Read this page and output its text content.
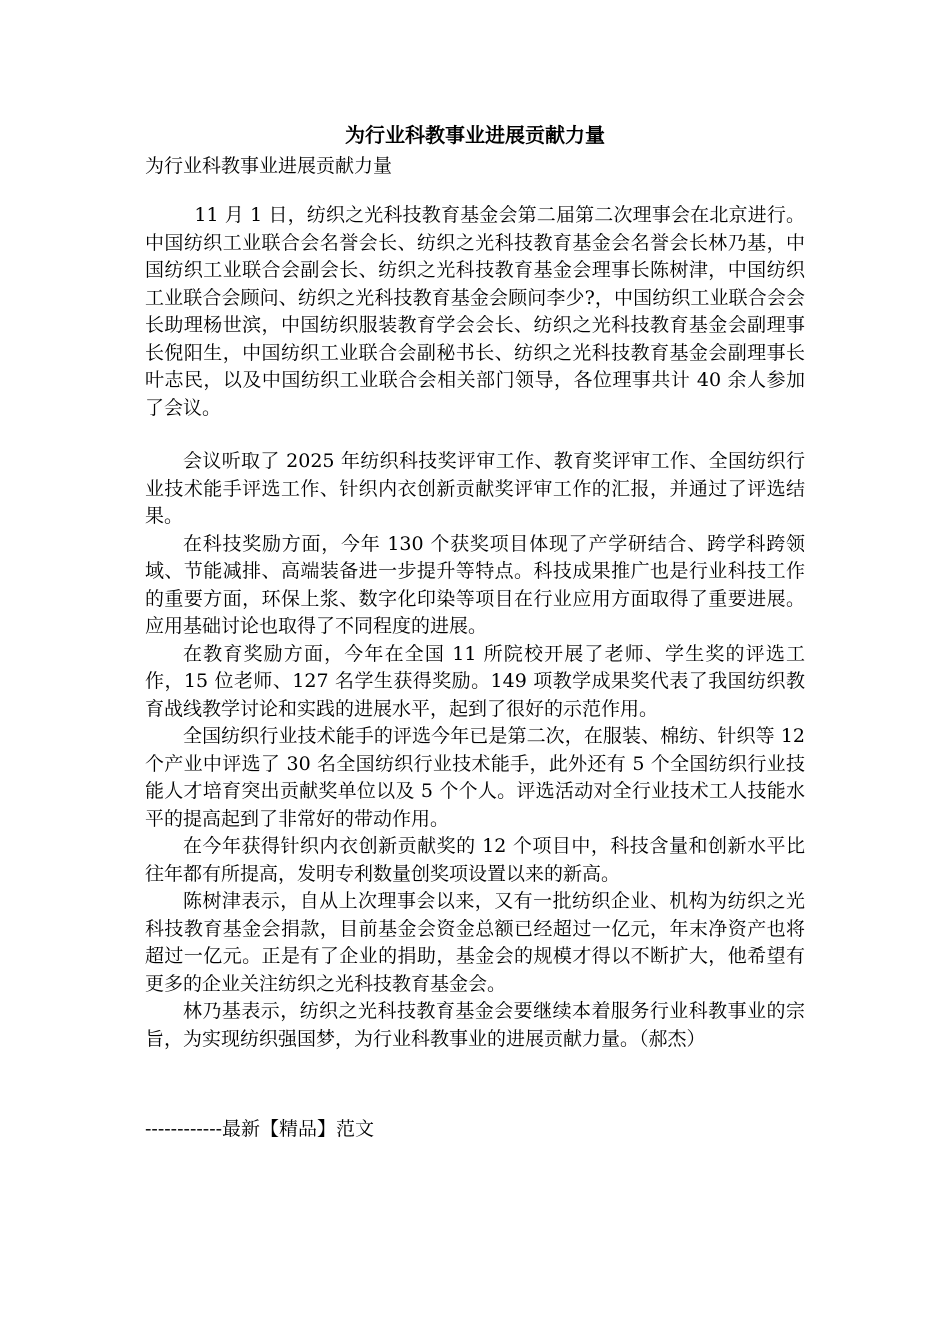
为行业科教事业进展贡献力量
为行业科教事业进展贡献力量

11 月 1 日，纺织之光科技教育基金会第二届第二次理事会在北京进行。中国纺织工业联合会名誉会长、纺织之光科技教育基金会名誉会长林乃基，中国纺织工业联合会副会长、纺织之光科技教育基金会理事长陈树津，中国纺织工业联合会顾问、纺织之光科技教育基金会顾问李少?，中国纺织工业联合会会长助理杨世滨，中国纺织服装教育学会会长、纺织之光科技教育基金会副理事长倪阳生，中国纺织工业联合会副秘书长、纺织之光科技教育基金会副理事长叶志民，以及中国纺织工业联合会相关部门领导，各位理事共计 40 余人参加了会议。

会议听取了 2025 年纺织科技奖评审工作、教育奖评审工作、全国纺织行业技术能手评选工作、针织内衣创新贡献奖评审工作的汇报，并通过了评选结果。

在科技奖励方面，今年 130 个获奖项目体现了产学研结合、跨学科跨领域、节能减排、高端装备进一步提升等特点。科技成果推广也是行业科技工作的重要方面，环保上浆、数字化印染等项目在行业应用方面取得了重要进展。应用基础讨论也取得了不同程度的进展。

在教育奖励方面，今年在全国 11 所院校开展了老师、学生奖的评选工作，15 位老师、127 名学生获得奖励。149 项教学成果奖代表了我国纺织教育战线教学讨论和实践的进展水平，起到了很好的示范作用。

全国纺织行业技术能手的评选今年已是第二次，在服装、棉纺、针织等 12 个产业中评选了 30 名全国纺织行业技术能手，此外还有 5 个全国纺织行业技能人才培育突出贡献奖单位以及 5 个个人。评选活动对全行业技术工人技能水平的提高起到了非常好的带动作用。

在今年获得针织内衣创新贡献奖的 12 个项目中，科技含量和创新水平比往年都有所提高，发明专利数量创奖项设置以来的新高。

陈树津表示，自从上次理事会以来，又有一批纺织企业、机构为纺织之光科技教育基金会捐款，目前基金会资金总额已经超过一亿元，年末净资产也将超过一亿元。正是有了企业的捐助，基金会的规模才得以不断扩大，他希望有更多的企业关注纺织之光科技教育基金会。

林乃基表示，纺织之光科技教育基金会要继续本着服务行业科教事业的宗旨，为实现纺织强国梦，为行业科教事业的进展贡献力量。（郝杰）

------------最新【精品】范文
